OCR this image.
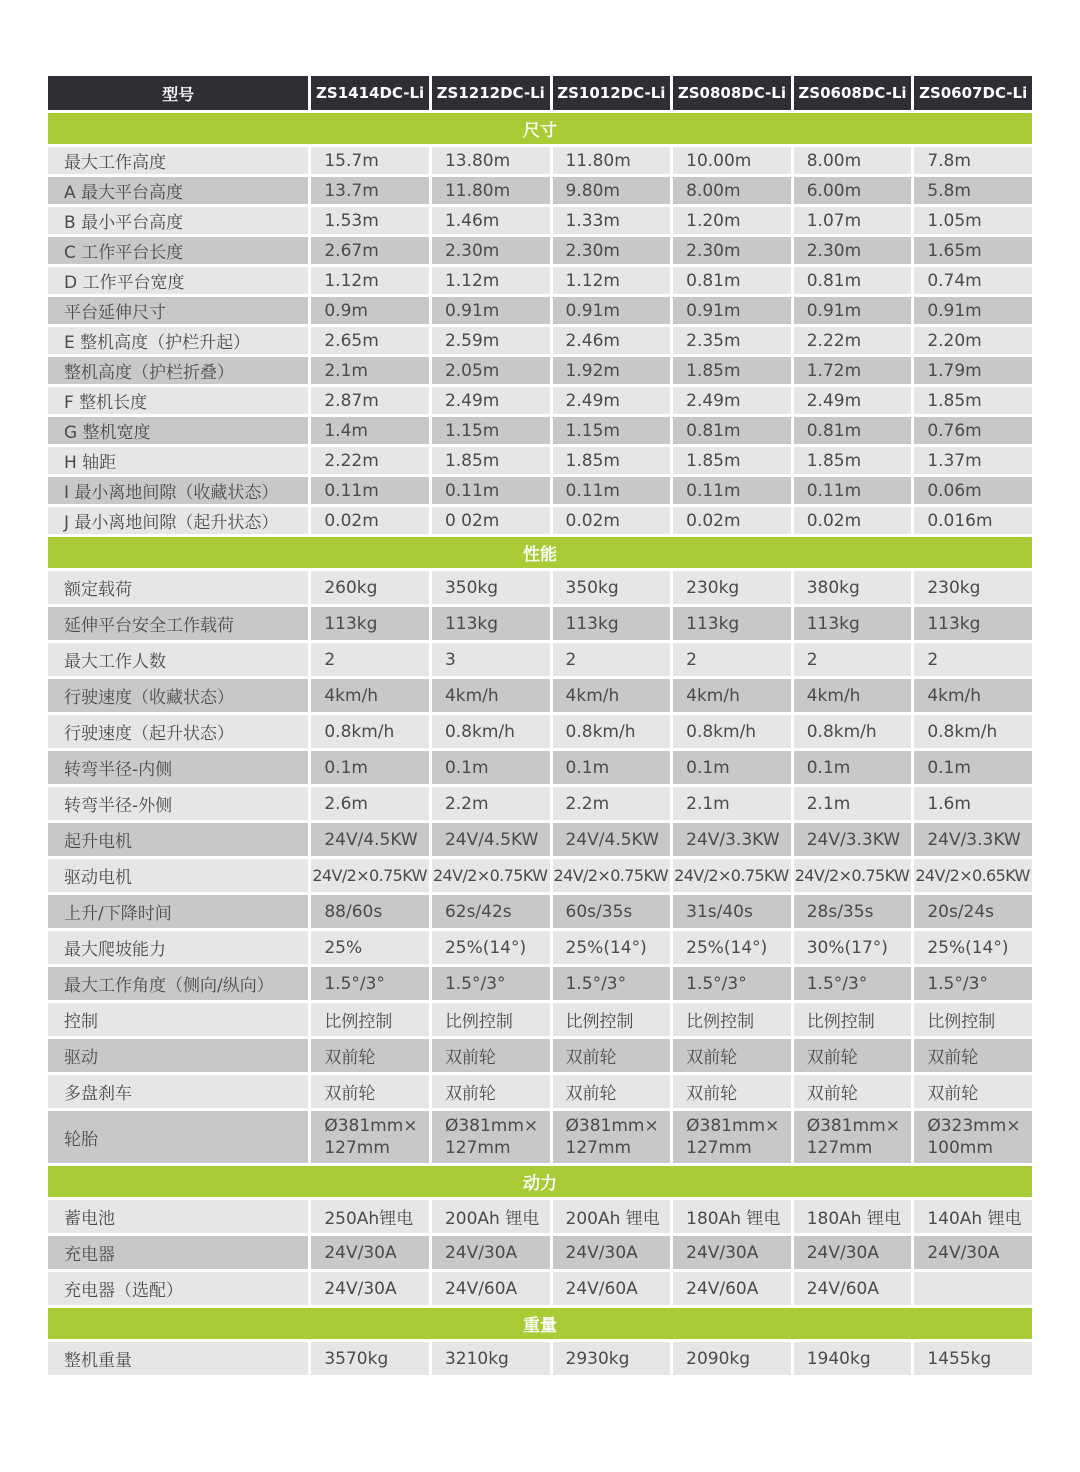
型号	ZS1414DC-Li	ZS1212DC-Li	ZS1012DC-Li	ZS0808DC-Li	ZS0608DC-Li	ZS0607DC-Li
尺寸						
最大工作高度	15.7m	13.80m	11.80m	10.00m	8.00m	7.8m
A 最大平台高度	13.7m	11.80m	9.80m	8.00m	6.00m	5.8m
B 最小平台高度	1.53m	1.46m	1.33m	1.20m	1.07m	1.05m
C 工作平台长度	2.67m	2.30m	2.30m	2.30m	2.30m	1.65m
D 工作平台宽度	1.12m	1.12m	1.12m	0.81m	0.81m	0.74m
平台延伸尺寸	0.9m	0.91m	0.91m	0.91m	0.91m	0.91m
E 整机高度（护栏升起）	2.65m	2.59m	2.46m	2.35m	2.22m	2.20m
整机高度（护栏折叠）	2.1m	2.05m	1.92m	1.85m	1.72m	1.79m
F 整机长度	2.87m	2.49m	2.49m	2.49m	2.49m	1.85m
G 整机宽度	1.4m	1.15m	1.15m	0.81m	0.81m	0.76m
H 轴距	2.22m	1.85m	1.85m	1.85m	1.85m	1.37m
I 最小离地间隙（收藏状态）	0.11m	0.11m	0.11m	0.11m	0.11m	0.06m
J 最小离地间隙（起升状态）	0.02m	0 02m	0.02m	0.02m	0.02m	0.016m
性能						
额定载荷	260kg	350kg	350kg	230kg	380kg	230kg
延伸平台安全工作载荷	113kg	113kg	113kg	113kg	113kg	113kg
最大工作人数	2	3	2	2	2	2
行驶速度（收藏状态）	4km/h	4km/h	4km/h	4km/h	4km/h	4km/h
行驶速度（起升状态）	0.8km/h	0.8km/h	0.8km/h	0.8km/h	0.8km/h	0.8km/h
转弯半径-内侧	0.1m	0.1m	0.1m	0.1m	0.1m	0.1m
转弯半径-外侧	2.6m	2.2m	2.2m	2.1m	2.1m	1.6m
起升电机	24V/4.5KW	24V/4.5KW	24V/4.5KW	24V/3.3KW	24V/3.3KW	24V/3.3KW
驱动电机	24V/2×0.75KW	24V/2×0.75KW	24V/2×0.75KW	24V/2×0.75KW	24V/2×0.75KW	24V/2×0.65KW
上升/下降时间	88/60s	62s/42s	60s/35s	31s/40s	28s/35s	20s/24s
最大爬坡能力	25%	25%(14°)	25%(14°)	25%(14°)	30%(17°)	25%(14°)
最大工作角度（侧向/纵向）	1.5°/3°	1.5°/3°	1.5°/3°	1.5°/3°	1.5°/3°	1.5°/3°
控制	比例控制	比例控制	比例控制	比例控制	比例控制	比例控制
驱动	双前轮	双前轮	双前轮	双前轮	双前轮	双前轮
多盘刹车	双前轮	双前轮	双前轮	双前轮	双前轮	双前轮
轮胎	Ø381mm× 127mm	Ø381mm× 127mm	Ø381mm× 127mm	Ø381mm× 127mm	Ø381mm× 127mm	Ø323mm× 100mm
动力						
蓄电池	250Ah锂电	200Ah 锂电	200Ah 锂电	180Ah 锂电	180Ah 锂电	140Ah 锂电
充电器	24V/30A	24V/30A	24V/30A	24V/30A	24V/30A	24V/30A
充电器（选配）	24V/30A	24V/60A	24V/60A	24V/60A	24V/60A	
重量						
整机重量	3570kg	3210kg	2930kg	2090kg	1940kg	1455kg
